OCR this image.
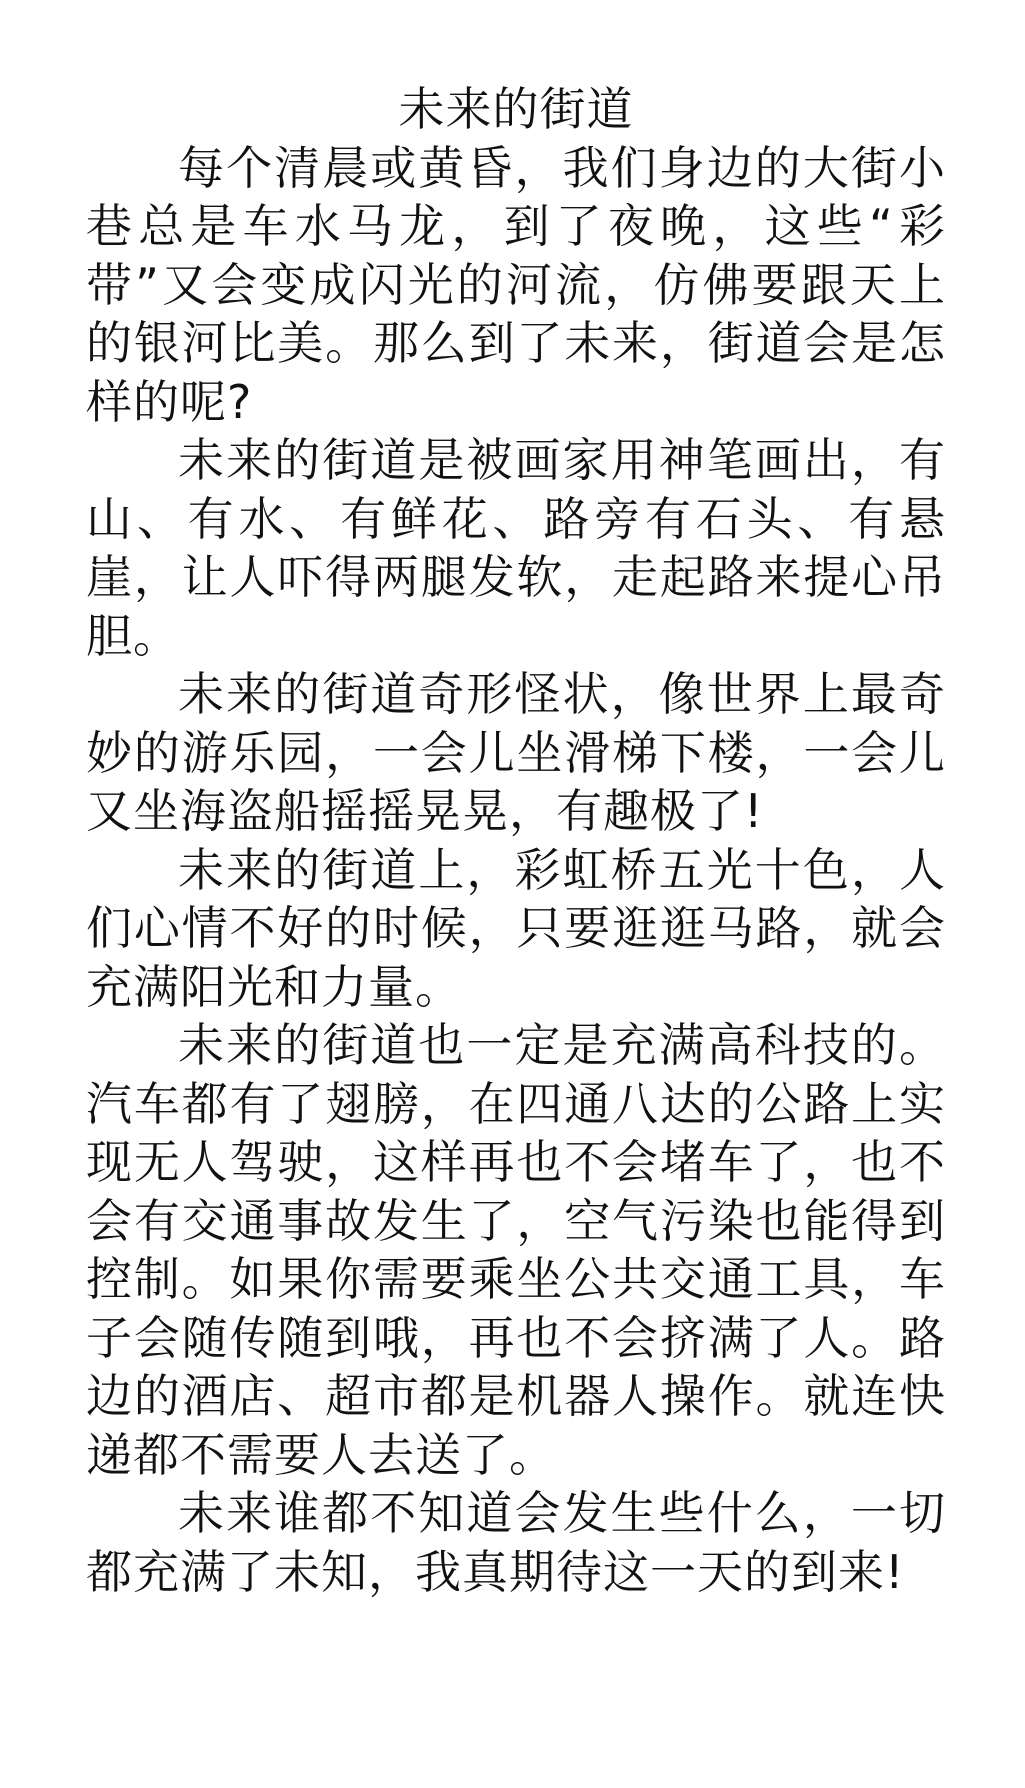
未来的街道

每个清晨或黄昏，我们身边的大街小巷总是车水马龙，到了夜晚，这些“彩带”又会变成闪光的河流，仿佛要跟天上的银河比美。那么到了未来，街道会是怎样的呢?

未来的街道是被画家用神笔画出，有山、有水、有鲜花、路旁有石头、有悬崖，让人吓得两腿发软，走起路来提心吊胆。

未来的街道奇形怪状，像世界上最奇妙的游乐园，一会儿坐滑梯下楼，一会儿又坐海盗船摇摇晃晃，有趣极了!

未来的街道上，彩虹桥五光十色，人们心情不好的时候，只要逛逛马路，就会充满阳光和力量。

未来的街道也一定是充满高科技的。汽车都有了翅膀，在四通八达的公路上实现无人驾驶，这样再也不会堵车了，也不会有交通事故发生了，空气污染也能得到控制。如果你需要乘坐公共交通工具，车子会随传随到哦，再也不会挤满了人。路边的酒店、超市都是机器人操作。就连快递都不需要人去送了。

未来谁都不知道会发生些什么，一切都充满了未知，我真期待这一天的到来!
